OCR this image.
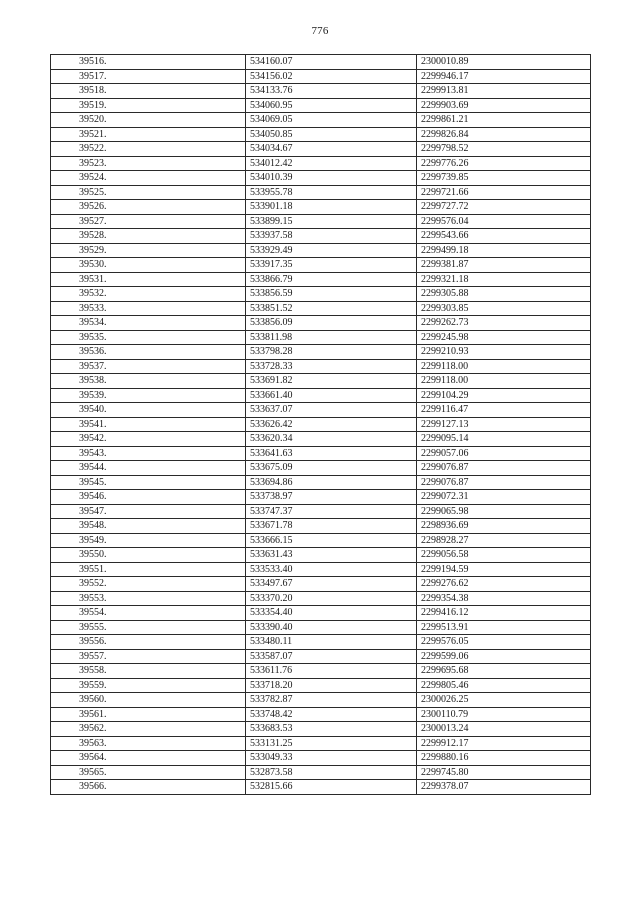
776
39516.	534160.07	2300010.89
39517.	534156.02	2299946.17
39518.	534133.76	2299913.81
39519.	534060.95	2299903.69
39520.	534069.05	2299861.21
39521.	534050.85	2299826.84
39522.	534034.67	2299798.52
39523.	534012.42	2299776.26
39524.	534010.39	2299739.85
39525.	533955.78	2299721.66
39526.	533901.18	2299727.72
39527.	533899.15	2299576.04
39528.	533937.58	2299543.66
39529.	533929.49	2299499.18
39530.	533917.35	2299381.87
39531.	533866.79	2299321.18
39532.	533856.59	2299305.88
39533.	533851.52	2299303.85
39534.	533856.09	2299262.73
39535.	533811.98	2299245.98
39536.	533798.28	2299210.93
39537.	533728.33	2299118.00
39538.	533691.82	2299118.00
39539.	533661.40	2299104.29
39540.	533637.07	2299116.47
39541.	533626.42	2299127.13
39542.	533620.34	2299095.14
39543.	533641.63	2299057.06
39544.	533675.09	2299076.87
39545.	533694.86	2299076.87
39546.	533738.97	2299072.31
39547.	533747.37	2299065.98
39548.	533671.78	2298936.69
39549.	533666.15	2298928.27
39550.	533631.43	2299056.58
39551.	533533.40	2299194.59
39552.	533497.67	2299276.62
39553.	533370.20	2299354.38
39554.	533354.40	2299416.12
39555.	533390.40	2299513.91
39556.	533480.11	2299576.05
39557.	533587.07	2299599.06
39558.	533611.76	2299695.68
39559.	533718.20	2299805.46
39560.	533782.87	2300026.25
39561.	533748.42	2300110.79
39562.	533683.53	2300013.24
39563.	533131.25	2299912.17
39564.	533049.33	2299880.16
39565.	532873.58	2299745.80
39566.	532815.66	2299378.07
